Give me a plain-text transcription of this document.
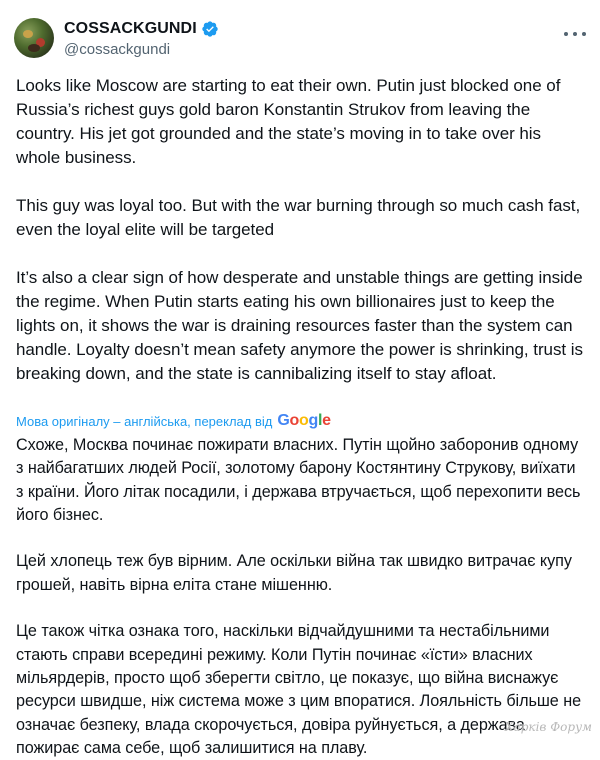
COSSACKGUNDI
@cossackgundi
Looks like Moscow are starting to eat their own. Putin just blocked one of Russia’s richest guys gold baron Konstantin Strukov from leaving the country. His jet got grounded and the state’s moving in to take over his whole business.

This guy was loyal too. But with the war burning through so much cash fast, even the loyal elite will be targeted

It’s also a clear sign of how desperate and unstable things are getting inside the regime. When Putin starts eating his own billionaires just to keep the lights on, it shows the war is draining resources faster than the system can handle. Loyalty doesn’t mean safety anymore the power is shrinking, trust is breaking down, and the state is cannibalizing itself to stay afloat.
Мова оригіналу – англійська, переклад від Google
Схоже, Москва починає пожирати власних. Путін щойно заборонив одному з найбагатших людей Росії, золотому барону Костянтину Струкову, виїхати з країни. Його літак посадили, і держава втручається, щоб перехопити весь його бізнес.

Цей хлопець теж був вірним. Але оскільки війна так швидко витрачає купу грошей, навіть вірна еліта стане мішенню.

Це також чітка ознака того, наскільки відчайдушними та нестабільними стають справи всередині режиму. Коли Путін починає «їсти» власних мільярдерів, просто щоб зберегти світло, це показує, що війна виснажує ресурси швидше, ніж система може з цим впоратися. Лояльність більше не означає безпеку, влада скорочується, довіра руйнується, а держава пожирає сама себе, щоб залишитися на плаву.
Харків Форум
